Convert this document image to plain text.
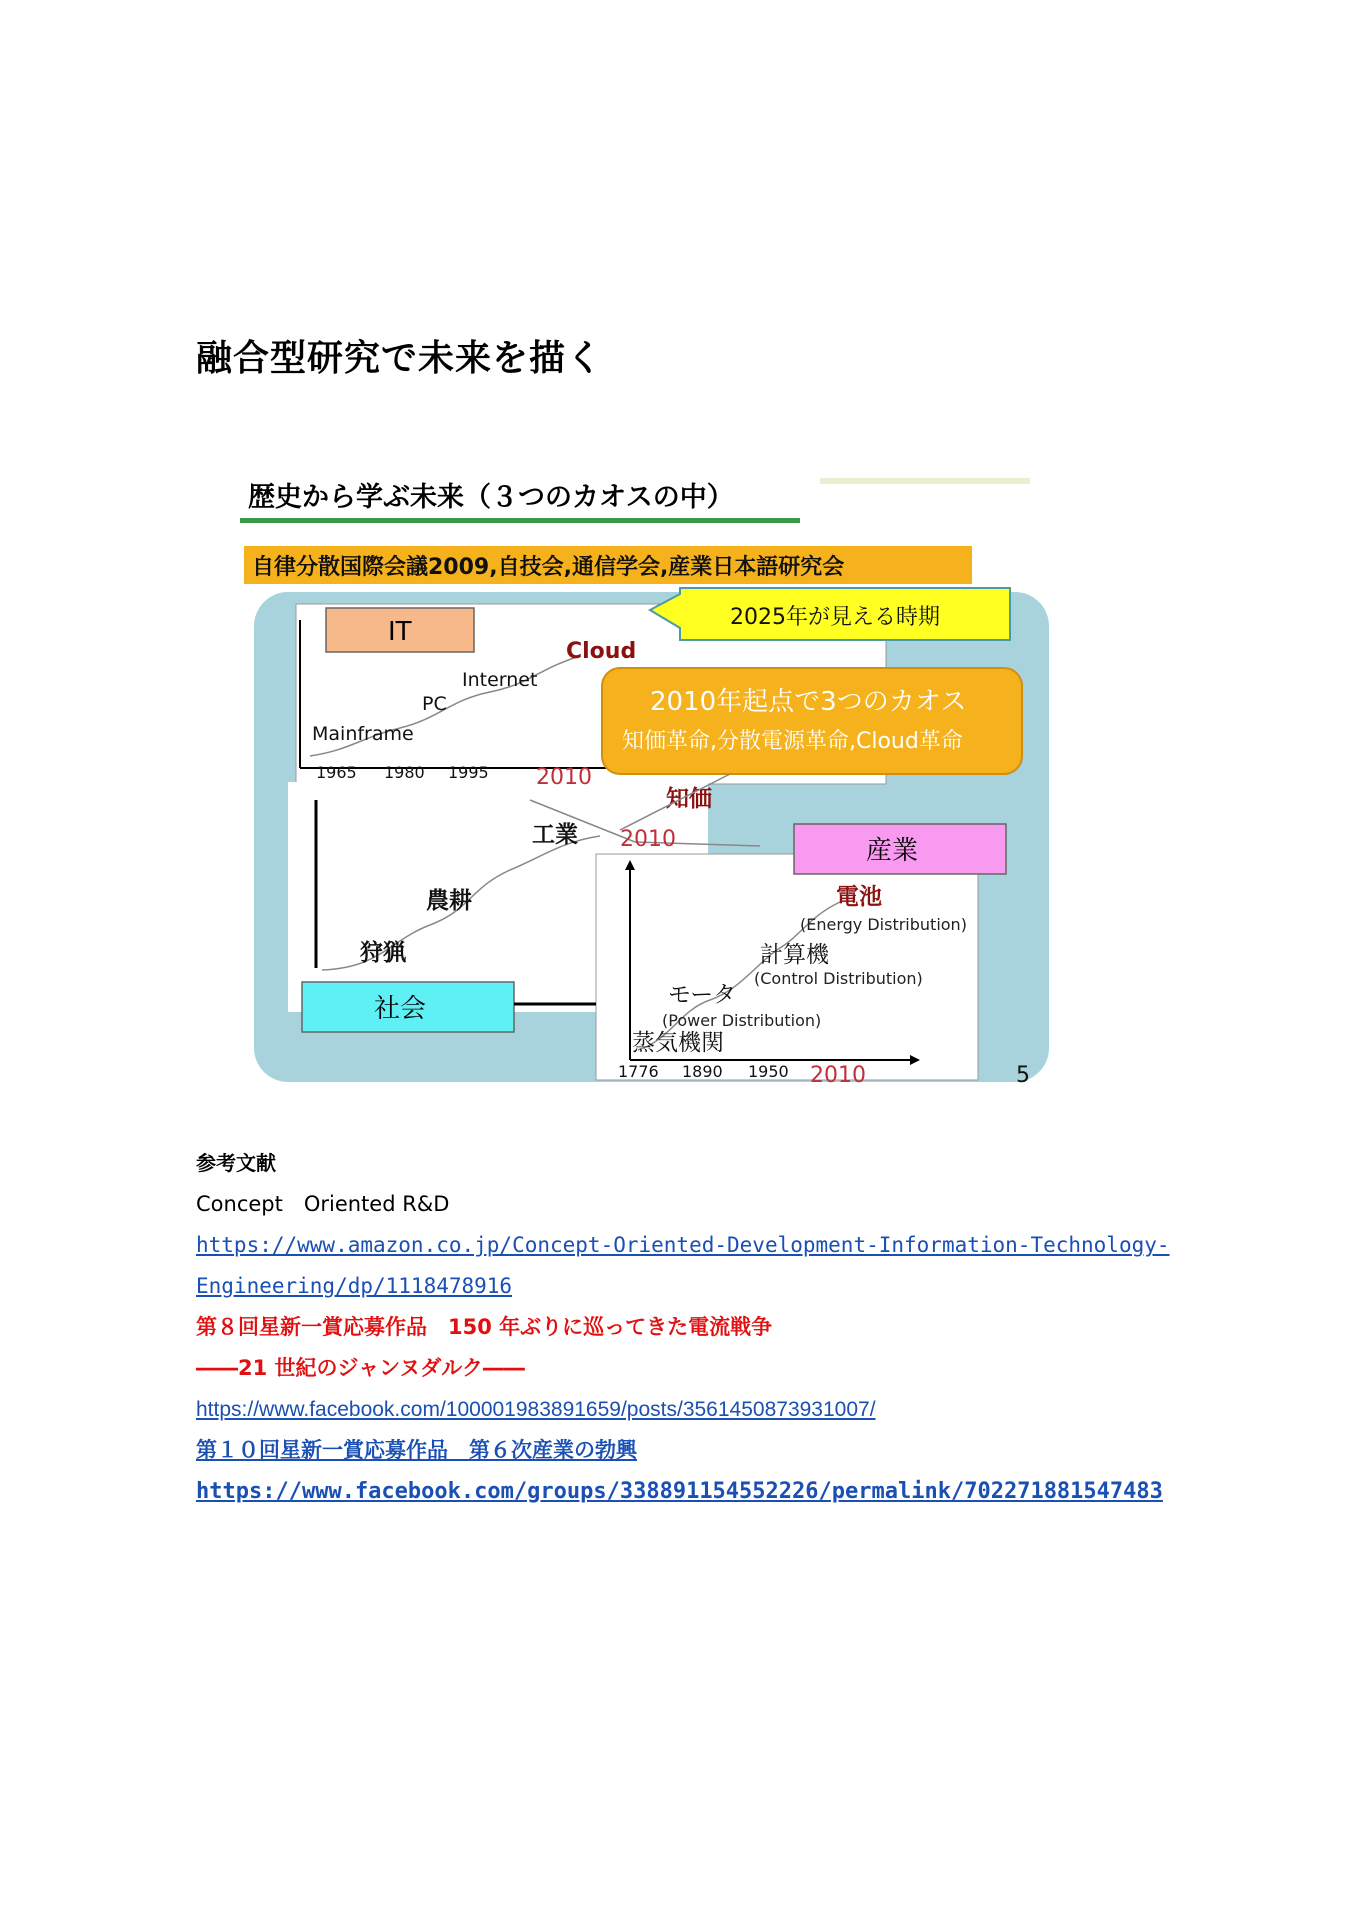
融合型研究で未来を描く
歴史から学ぶ未来（３つのカオスの中）
自律分散国際会議2009,自技会,通信学会,産業日本語研究会
IT
Mainframe
PC
Internet
Cloud
1965 1980 1995 2010
2025年が見える時期
2010年起点で3つのカオス
知価革命,分散電源革命,Cloud革命
知価
狩猟
農耕
工業 2010
社会
産業
蒸気機関
モータ
(Power Distribution)
計算機
(Control Distribution)
電池
(Energy Distribution)
1776 1890 1950 2010	5
参考文献
Concept　Oriented R&D
https://www.amazon.co.jp/Concept-Oriented-Development-Information-Technology-
Engineering/dp/1118478916
第８回星新一賞応募作品　150 年ぶりに巡ってきた電流戦争
――21 世紀のジャンヌダルク――
https://www.facebook.com/100001983891659/posts/3561450873931007/
第１０回星新一賞応募作品　第６次産業の勃興
https://www.facebook.com/groups/338891154552226/permalink/702271881547483
